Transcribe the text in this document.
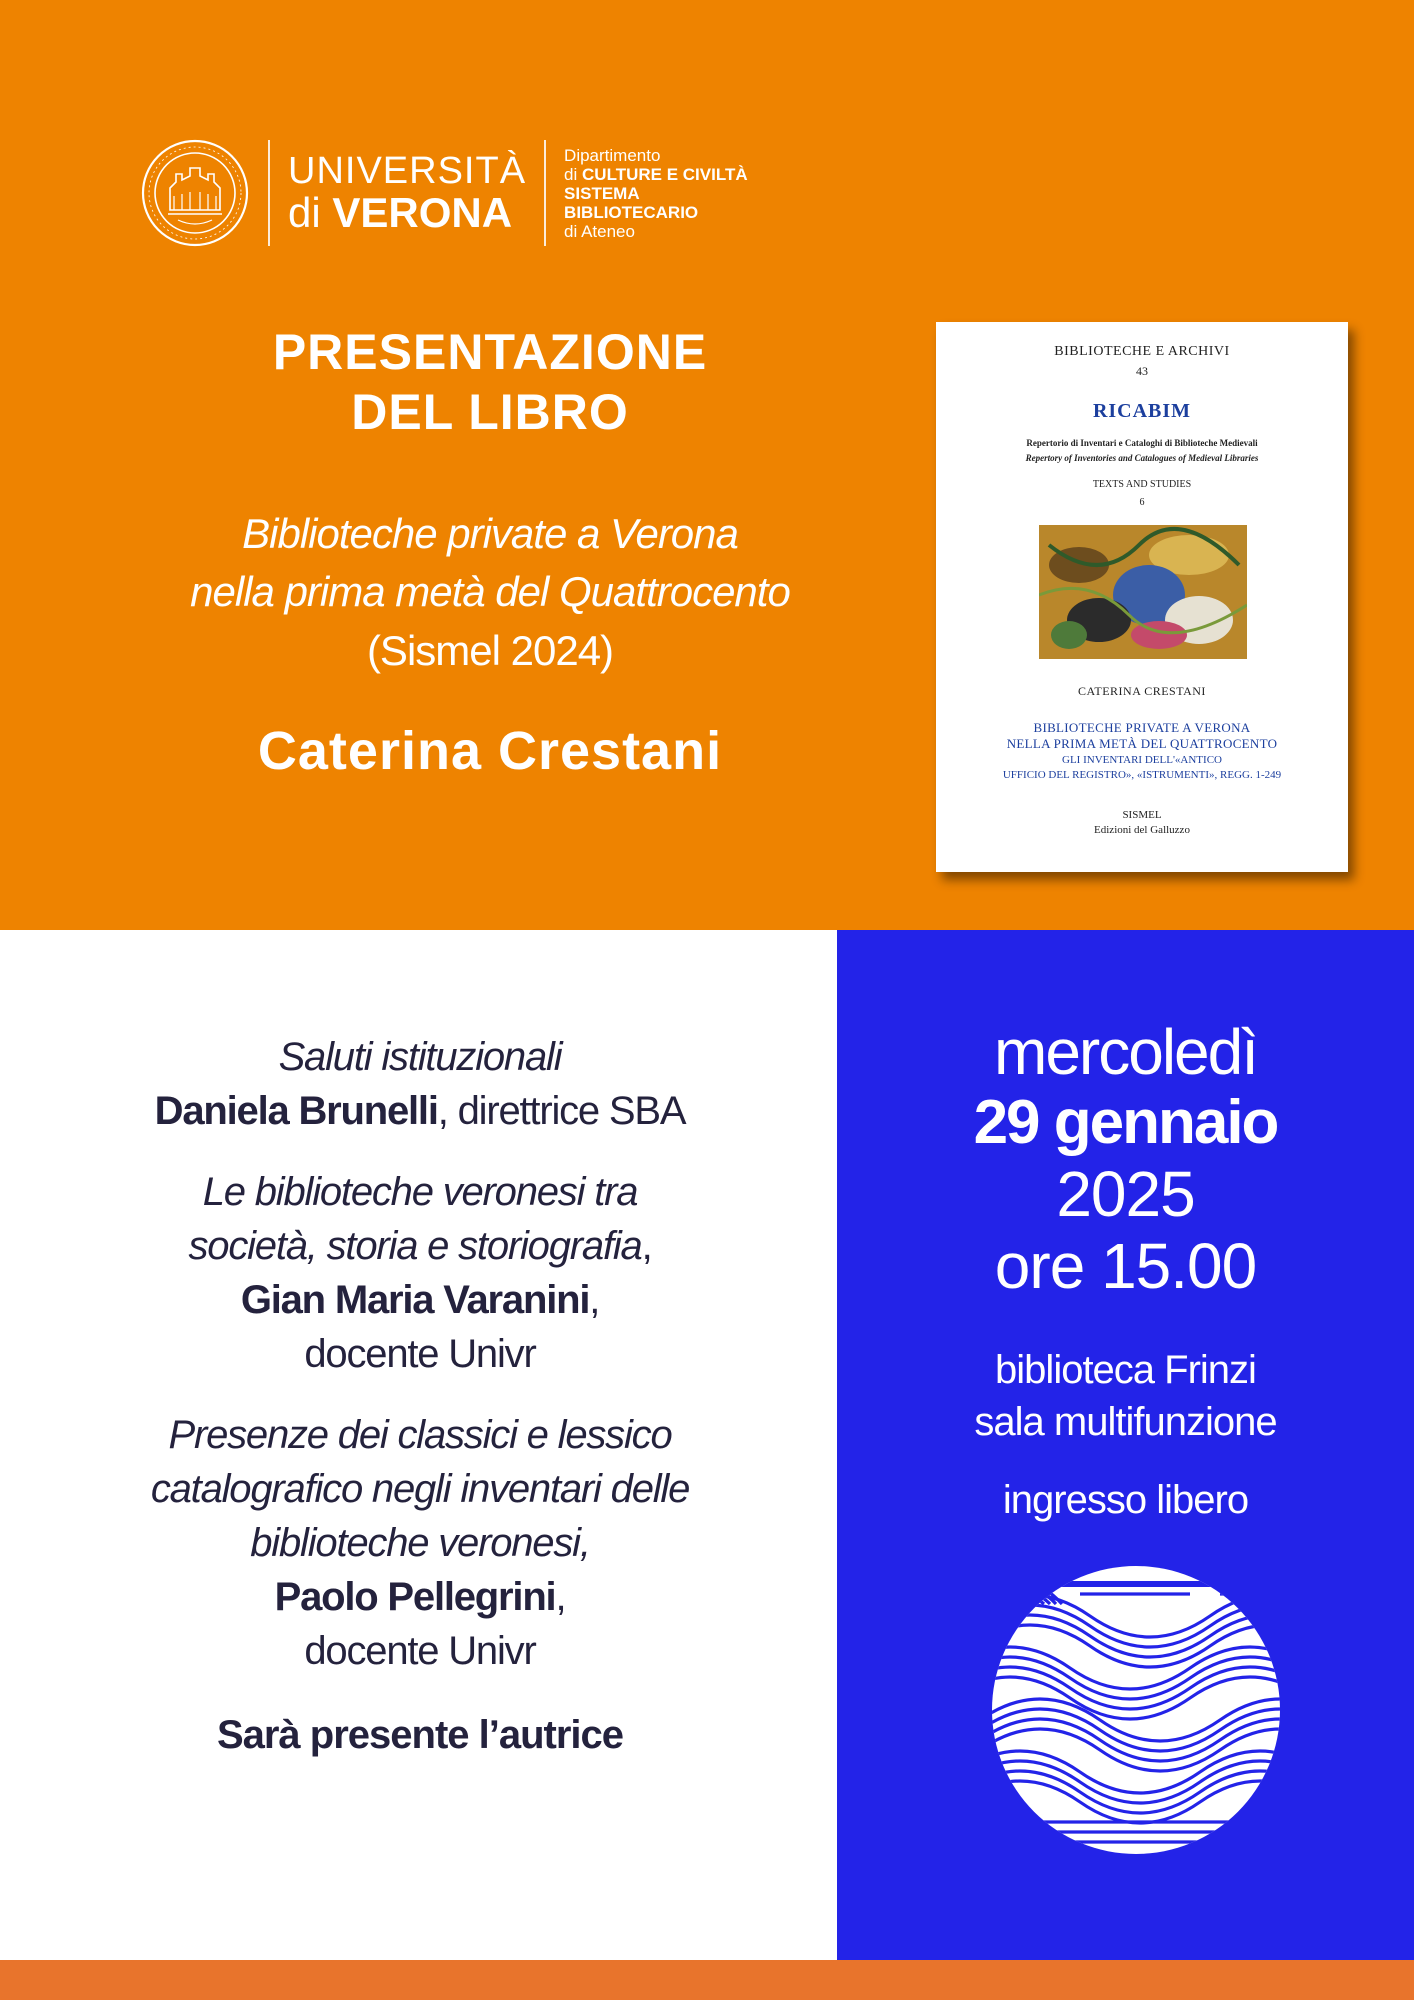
UNIVERSITÀ
di VERONA
Dipartimento
di CULTURE E CIVILTÀ
SISTEMA
BIBLIOTECARIO
di Ateneo
PRESENTAZIONE
DEL LIBRO
Biblioteche private a Verona
nella prima metà del Quattrocento
(Sismel 2024)
Caterina Crestani
BIBLIOTECHE E ARCHIVI
43
RICABIM
Repertorio di Inventari e Cataloghi di Biblioteche Medievali
Repertory of Inventories and Catalogues of Medieval Libraries
TEXTS AND STUDIES
6
CATERINA CRESTANI
BIBLIOTECHE PRIVATE A VERONA
NELLA PRIMA METÀ DEL QUATTROCENTO
GLI INVENTARI DELL'«ANTICO
UFFICIO DEL REGISTRO», «ISTRUMENTI», REGG. 1-249
SISMEL
Edizioni del Galluzzo
Saluti istituzionali
Daniela Brunelli, direttrice SBA
Le biblioteche veronesi tra
società, storia e storiografia,
Gian Maria Varanini,
docente Univr
Presenze dei classici e lessico
catalografico negli inventari delle
biblioteche veronesi,
Paolo Pellegrini,
docente Univr
Sarà presente l’autrice
mercoledì
29 gennaio
2025
ore 15.00
biblioteca Frinzi
sala multifunzione
ingresso libero
